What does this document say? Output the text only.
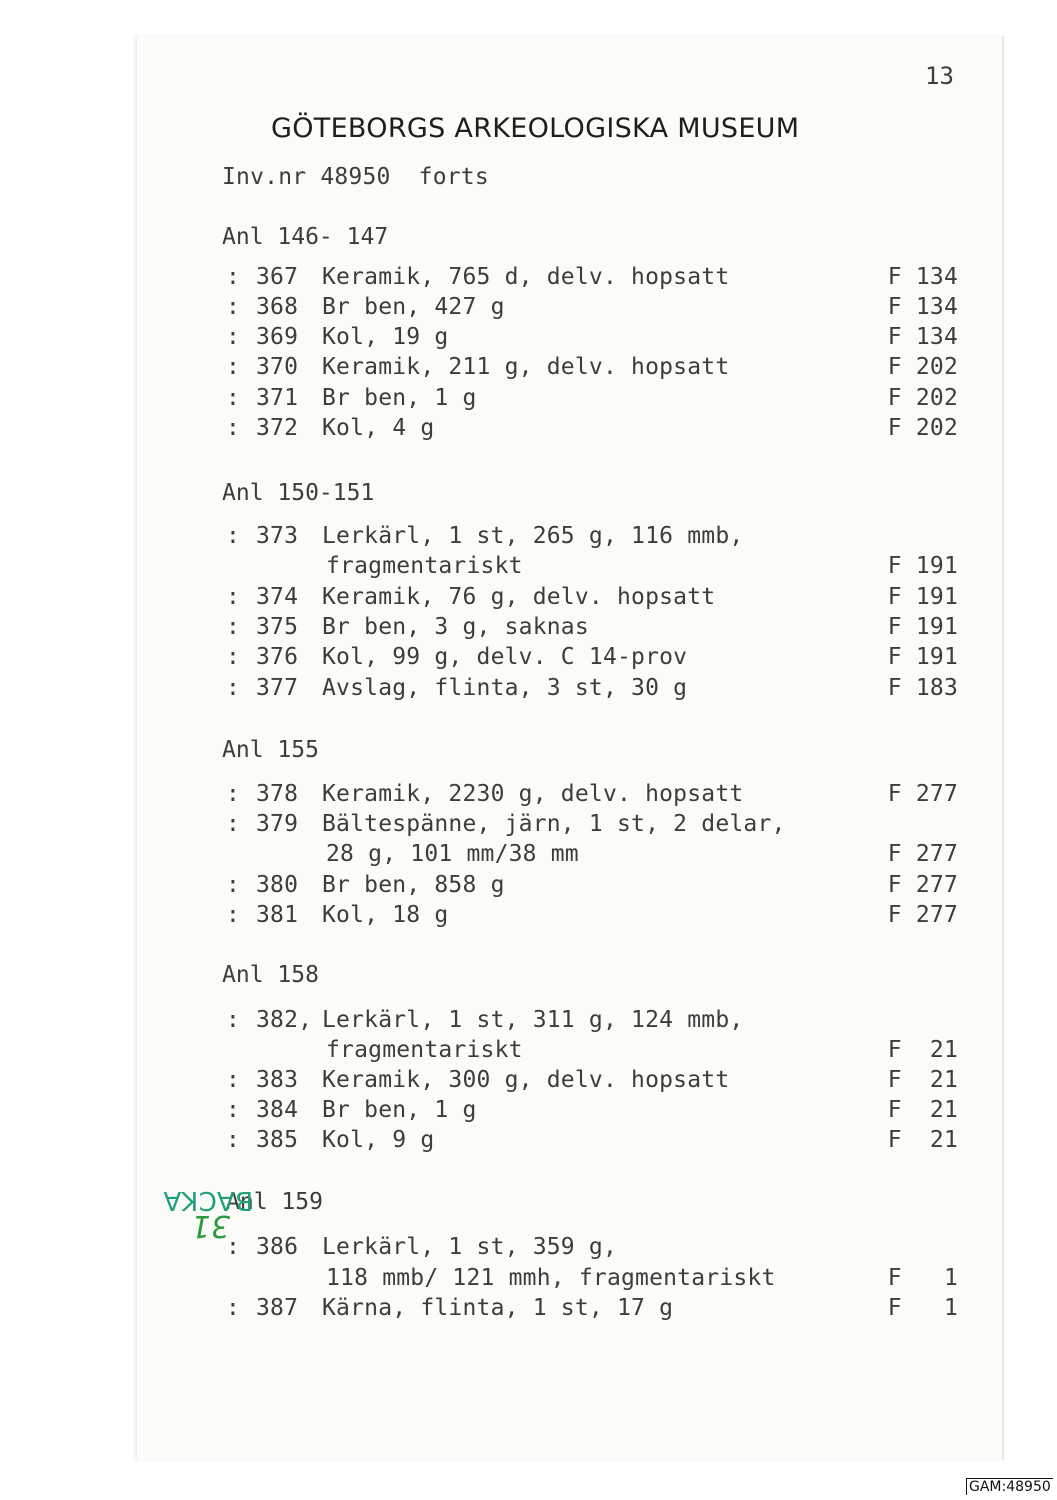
13
GÖTEBORGS ARKEOLOGISKA MUSEUM
Inv.nr 48950  forts
Anl 146- 147
: 367 Keramik, 765 d, delv. hopsatt	F 134
: 368 Br ben, 427 g	F 134
: 369 Kol, 19 g	F 134
: 370 Keramik, 211 g, delv. hopsatt	F 202
: 371 Br ben, 1 g	F 202
: 372 Kol, 4 g	F 202
Anl 150-151
: 373 Lerkärl, 1 st, 265 g, 116 mmb,
fragmentariskt	F 191
: 374 Keramik, 76 g, delv. hopsatt	F 191
: 375 Br ben, 3 g, saknas	F 191
: 376 Kol, 99 g, delv. C 14-prov	F 191
: 377 Avslag, flinta, 3 st, 30 g	F 183
Anl 155
: 378 Keramik, 2230 g, delv. hopsatt	F 277
: 379 Bältespänne, järn, 1 st, 2 delar,
28 g, 101 mm/38 mm	F 277
: 380 Br ben, 858 g	F 277
: 381 Kol, 18 g	F 277
Anl 158
: 382, Lerkärl, 1 st, 311 g, 124 mmb,
fragmentariskt	F  21
: 383 Keramik, 300 g, delv. hopsatt	F  21
: 384 Br ben, 1 g	F  21
: 385 Kol, 9 g	F  21
Anl 159
: 386 Lerkärl, 1 st, 359 g,
118 mmb/ 121 mmh, fragmentariskt	F   1
: 387 Kärna, flinta, 1 st, 17 g	F   1
BACKA
31
GAM:48950
